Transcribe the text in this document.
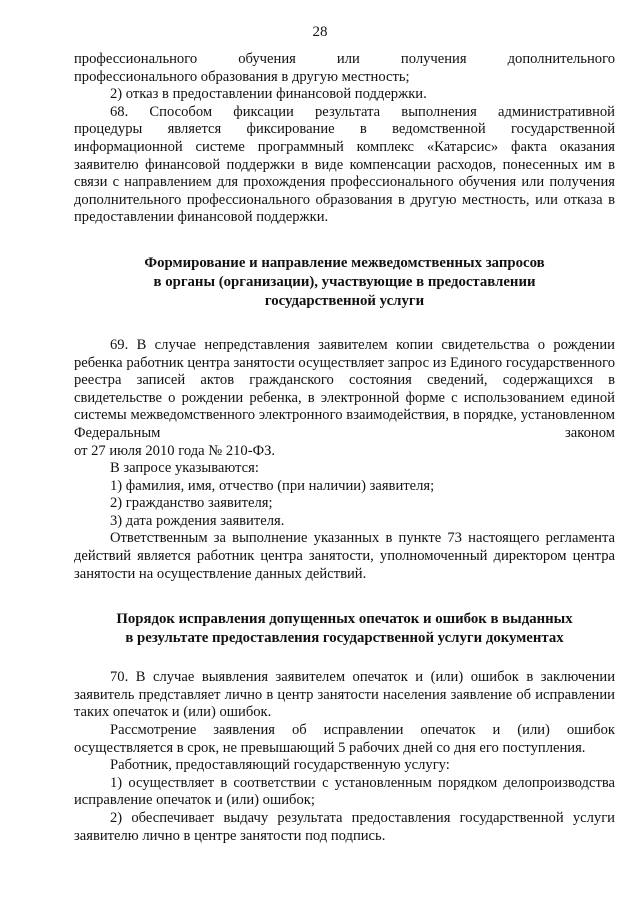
28

профессионального обучения или получения дополнительного

профессионального образования в другую местность;

2) отказ в предоставлении финансовой поддержки.

68. Способом фиксации результата выполнения административной

процедуры является фиксирование в ведомственной государственной информационной системе программный комплекс «Катарсис» факта оказания заявителю финансовой поддержки в виде компенсации расходов, понесенных им в связи с направлением для прохождения профессионального обучения или получения дополнительного профессионального образования в другую местность, или отказа в предоставлении финансовой поддержки.

Формирование и направление межведомственных запросов

в органы (организации), участвующие в предоставлении

государственной услуги

69. В случае непредставления заявителем копии свидетельства о рождении ребенка работник центра занятости осуществляет запрос из Единого государственного реестра записей актов гражданского состояния сведений, содержащихся в свидетельстве о рождении ребенка, в электронной форме с использованием единой системы межведомственного электронного взаимодействия, в порядке, установленном Федеральным законом

от 27 июля 2010 года № 210-ФЗ.

В запросе указываются:

1) фамилия, имя, отчество (при наличии) заявителя;

2) гражданство заявителя;

3) дата рождения заявителя.

Ответственным за выполнение указанных в пункте 73 настоящего регламента действий является работник центра занятости, уполномоченный директором центра занятости на осуществление данных действий.

Порядок исправления допущенных опечаток и ошибок в выданных

в результате предоставления государственной услуги документах

70. В случае выявления заявителем опечаток и (или) ошибок в заключении заявитель представляет лично в центр занятости населения заявление об исправлении таких опечаток и (или) ошибок.

Рассмотрение заявления об исправлении опечаток и (или) ошибок осуществляется в срок, не превышающий 5 рабочих дней со дня его поступления.

Работник, предоставляющий государственную услугу:

1) осуществляет в соответствии с установленным порядком делопроизводства исправление опечаток и (или) ошибок;

2) обеспечивает выдачу результата предоставления государственной услуги заявителю лично в центре занятости под подпись.
